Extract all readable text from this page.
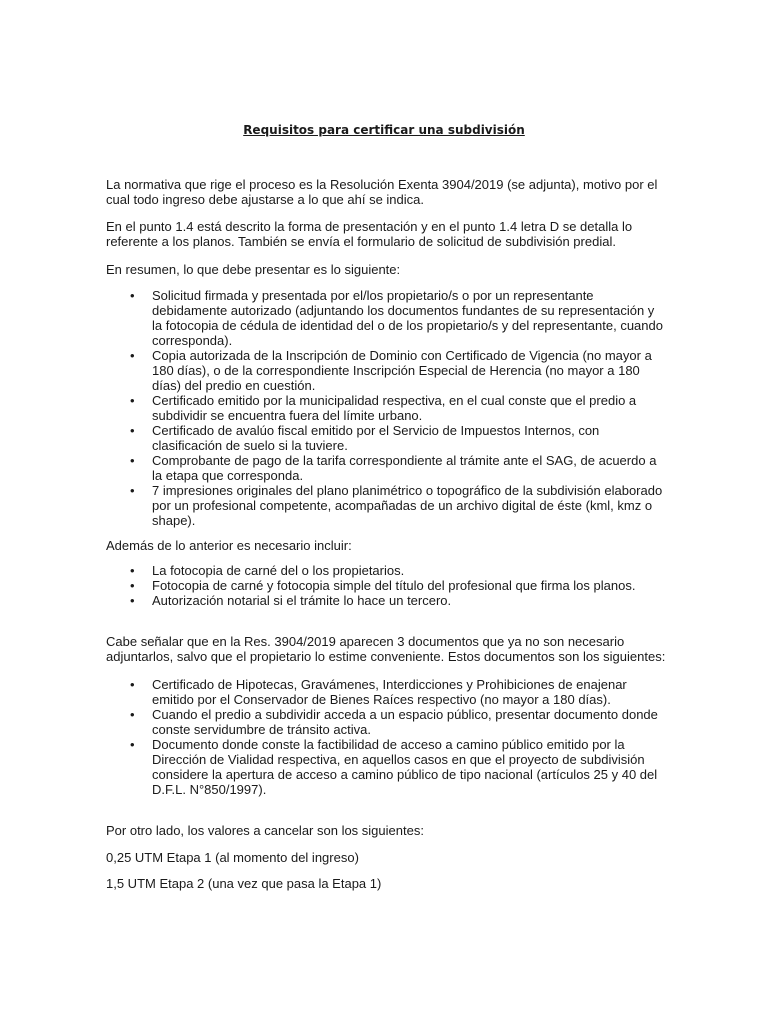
Requisitos para certificar una subdivisión

La normativa que rige el proceso es la Resolución Exenta 3904/2019 (se adjunta), motivo por el cual todo ingreso debe ajustarse a lo que ahí se indica.

En el punto 1.4 está descrito la forma de presentación y en el punto 1.4 letra D se detalla lo referente a los planos. También se envía el formulario de solicitud de subdivisión predial.

En resumen, lo que debe presentar es lo siguiente:

• Solicitud firmada y presentada por el/los propietario/s o por un representante debidamente autorizado (adjuntando los documentos fundantes de su representación y la fotocopia de cédula de identidad del o de los propietario/s y del representante, cuando corresponda).
• Copia autorizada de la Inscripción de Dominio con Certificado de Vigencia (no mayor a 180 días), o de la correspondiente Inscripción Especial de Herencia (no mayor a 180 días) del predio en cuestión.
• Certificado emitido por la municipalidad respectiva, en el cual conste que el predio a subdividir se encuentra fuera del límite urbano.
• Certificado de avalúo fiscal emitido por el Servicio de Impuestos Internos, con clasificación de suelo si la tuviere.
• Comprobante de pago de la tarifa correspondiente al trámite ante el SAG, de acuerdo a la etapa que corresponda.
• 7 impresiones originales del plano planimétrico o topográfico de la subdivisión elaborado por un profesional competente, acompañadas de un archivo digital de éste (kml, kmz o shape).

Además de lo anterior es necesario incluir:

• La fotocopia de carné del o los propietarios.
• Fotocopia de carné y fotocopia simple del título del profesional que firma los planos.
• Autorización notarial si el trámite lo hace un tercero.

Cabe señalar que en la Res. 3904/2019 aparecen 3 documentos que ya no son necesario adjuntarlos, salvo que el propietario lo estime conveniente. Estos documentos son los siguientes:

• Certificado de Hipotecas, Gravámenes, Interdicciones y Prohibiciones de enajenar emitido por el Conservador de Bienes Raíces respectivo (no mayor a 180 días).
• Cuando el predio a subdividir acceda a un espacio público, presentar documento donde conste servidumbre de tránsito activa.
• Documento donde conste la factibilidad de acceso a camino público emitido por la Dirección de Vialidad respectiva, en aquellos casos en que el proyecto de subdivisión considere la apertura de acceso a camino público de tipo nacional (artículos 25 y 40 del D.F.L. N°850/1997).

Por otro lado, los valores a cancelar son los siguientes:

0,25 UTM Etapa 1 (al momento del ingreso)

1,5 UTM Etapa 2 (una vez que pasa la Etapa 1)
